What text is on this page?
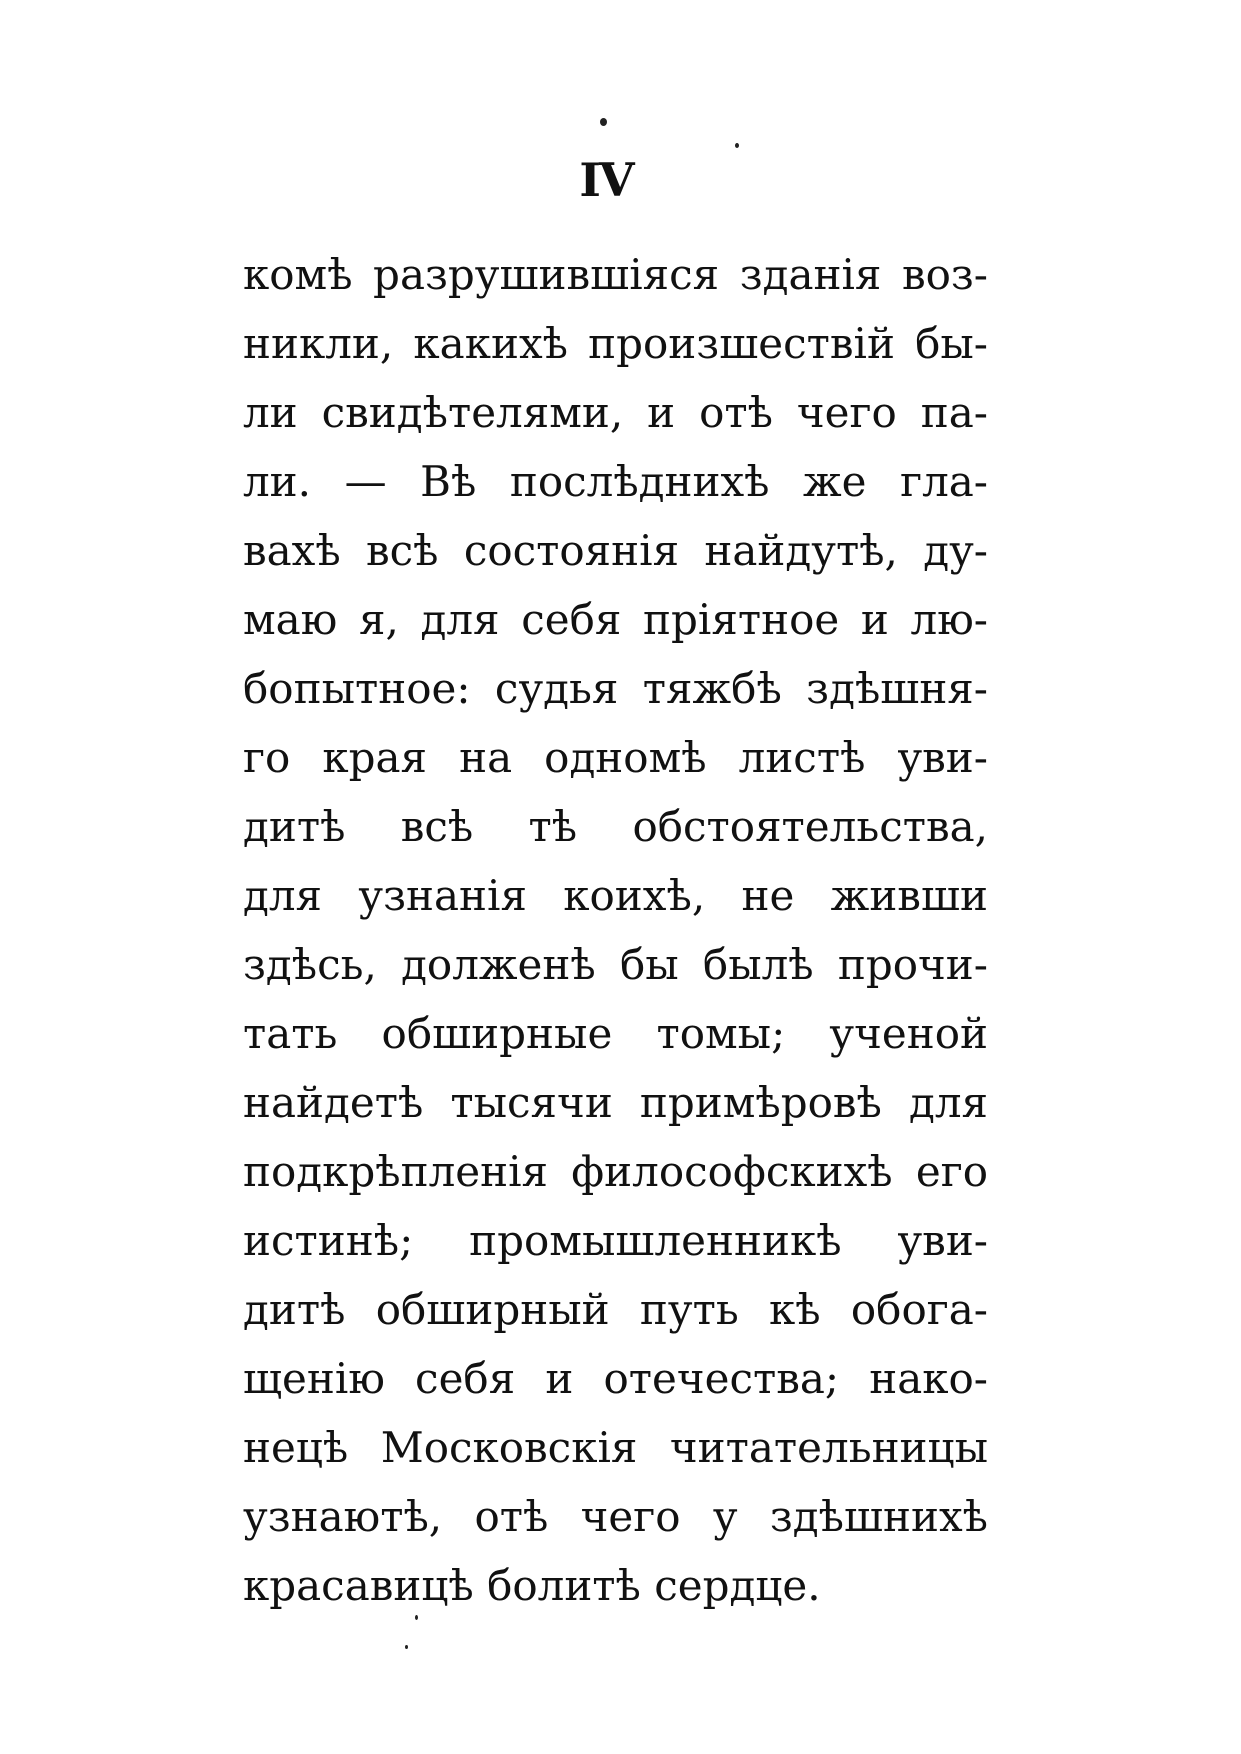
IV
комѣ разрушившіяся зданія воз-
никли, какихѣ произшествій бы-
ли свидѣтелями, и отѣ чего па-
ли. — Вѣ послѣднихѣ же гла-
вахѣ всѣ состоянія найдутѣ, ду-
маю я, для себя пріятное и лю-
бопытное: судья тяжбѣ здѣшня-
го края на одномѣ листѣ уви-
дитѣ всѣ тѣ обстоятельства,
для узнанія коихѣ, не живши
здѣсь, долженѣ бы былѣ прочи-
тать обширные томы; ученой
найдетѣ тысячи примѣровѣ для
подкрѣпленія философскихѣ его
истинѣ; промышленникѣ уви-
дитѣ обширный путь кѣ обога-
щенію себя и отечества; нако-
нецѣ Московскія читательницы
узнаютѣ, отѣ чего у здѣшнихѣ
красавицѣ болитѣ сердце.
